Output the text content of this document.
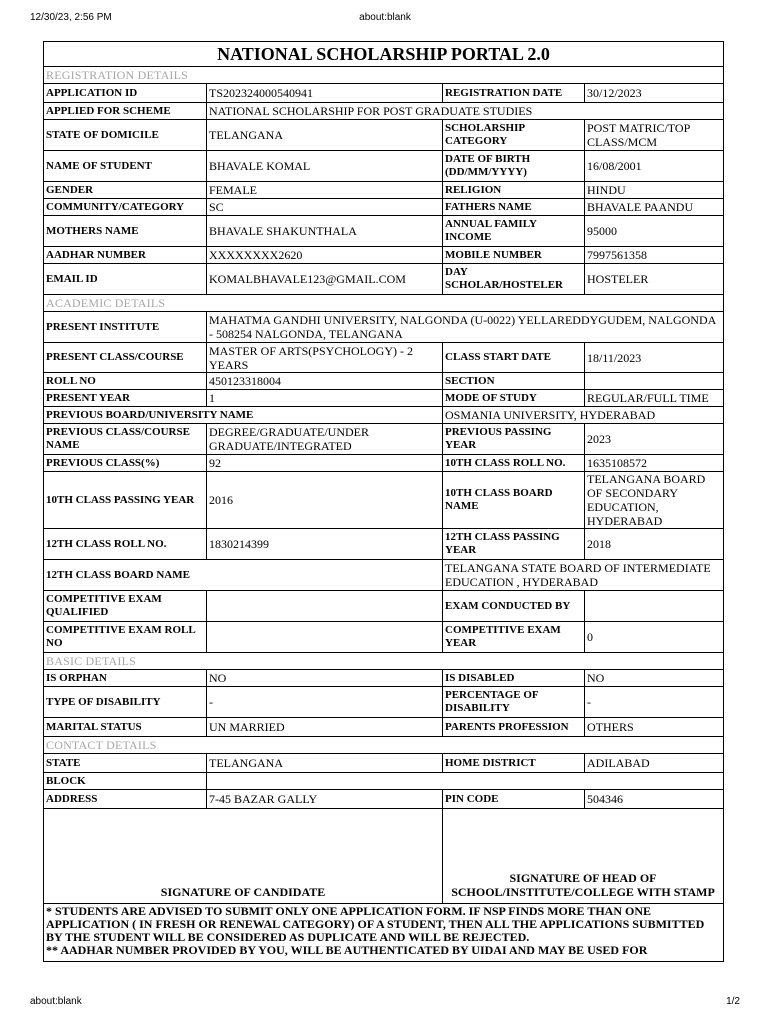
12/30/23, 2:56 PM	about:blank
NATIONAL SCHOLARSHIP PORTAL 2.0			
REGISTRATION DETAILS			
APPLICATION ID	TS202324000540941	REGISTRATION DATE	30/12/2023
APPLIED FOR SCHEME	NATIONAL SCHOLARSHIP FOR POST GRADUATE STUDIES		
STATE OF DOMICILE	TELANGANA	SCHOLARSHIP CATEGORY	POST MATRIC/TOP CLASS/MCM
NAME OF STUDENT	BHAVALE KOMAL	DATE OF BIRTH (DD/MM/YYYY)	16/08/2001
GENDER	FEMALE	RELIGION	HINDU
COMMUNITY/CATEGORY	SC	FATHERS NAME	BHAVALE PAANDU
MOTHERS NAME	BHAVALE SHAKUNTHALA	ANNUAL FAMILY INCOME	95000
AADHAR NUMBER	XXXXXXXX2620	MOBILE NUMBER	7997561358
EMAIL ID	KOMALBHAVALE123@GMAIL.COM	DAY SCHOLAR/HOSTELER	HOSTELER
ACADEMIC DETAILS			
PRESENT INSTITUTE	MAHATMA GANDHI UNIVERSITY, NALGONDA (U-0022) YELLAREDDYGUDEM, NALGONDA - 508254 NALGONDA, TELANGANA		
PRESENT CLASS/COURSE	MASTER OF ARTS(PSYCHOLOGY) - 2 YEARS	CLASS START DATE	18/11/2023
ROLL NO	450123318004	SECTION	
PRESENT YEAR	1	MODE OF STUDY	REGULAR/FULL TIME
PREVIOUS BOARD/UNIVERSITY NAME		OSMANIA UNIVERSITY, HYDERABAD	
PREVIOUS CLASS/COURSE NAME	DEGREE/GRADUATE/UNDER GRADUATE/INTEGRATED	PREVIOUS PASSING YEAR	2023
PREVIOUS CLASS(%)	92	10TH CLASS ROLL NO.	1635108572
10TH CLASS PASSING YEAR	2016	10TH CLASS BOARD NAME	TELANGANA BOARD OF SECONDARY EDUCATION, HYDERABAD
12TH CLASS ROLL NO.	1830214399	12TH CLASS PASSING YEAR	2018
12TH CLASS BOARD NAME		TELANGANA STATE BOARD OF INTERMEDIATE EDUCATION , HYDERABAD	
COMPETITIVE EXAM QUALIFIED		EXAM CONDUCTED BY	
COMPETITIVE EXAM ROLL NO		COMPETITIVE EXAM YEAR	0
BASIC DETAILS			
IS ORPHAN	NO	IS DISABLED	NO
TYPE OF DISABILITY	-	PERCENTAGE OF DISABILITY	-
MARITAL STATUS	UN MARRIED	PARENTS PROFESSION	OTHERS
CONTACT DETAILS			
STATE	TELANGANA	HOME DISTRICT	ADILABAD
BLOCK			
ADDRESS	7-45 BAZAR GALLY	PIN CODE	504346
SIGNATURE OF CANDIDATE		SIGNATURE OF HEAD OF SCHOOL/INSTITUTE/COLLEGE WITH STAMP	

* STUDENTS ARE ADVISED TO SUBMIT ONLY ONE APPLICATION FORM. IF NSP FINDS MORE THAN ONE APPLICATION ( IN FRESH OR RENEWAL CATEGORY) OF A STUDENT, THEN ALL THE APPLICATIONS SUBMITTED BY THE STUDENT WILL BE CONSIDERED AS DUPLICATE AND WILL BE REJECTED.
** AADHAR NUMBER PROVIDED BY YOU, WILL BE AUTHENTICATED BY UIDAI AND MAY BE USED FOR			
about:blank	1/2
